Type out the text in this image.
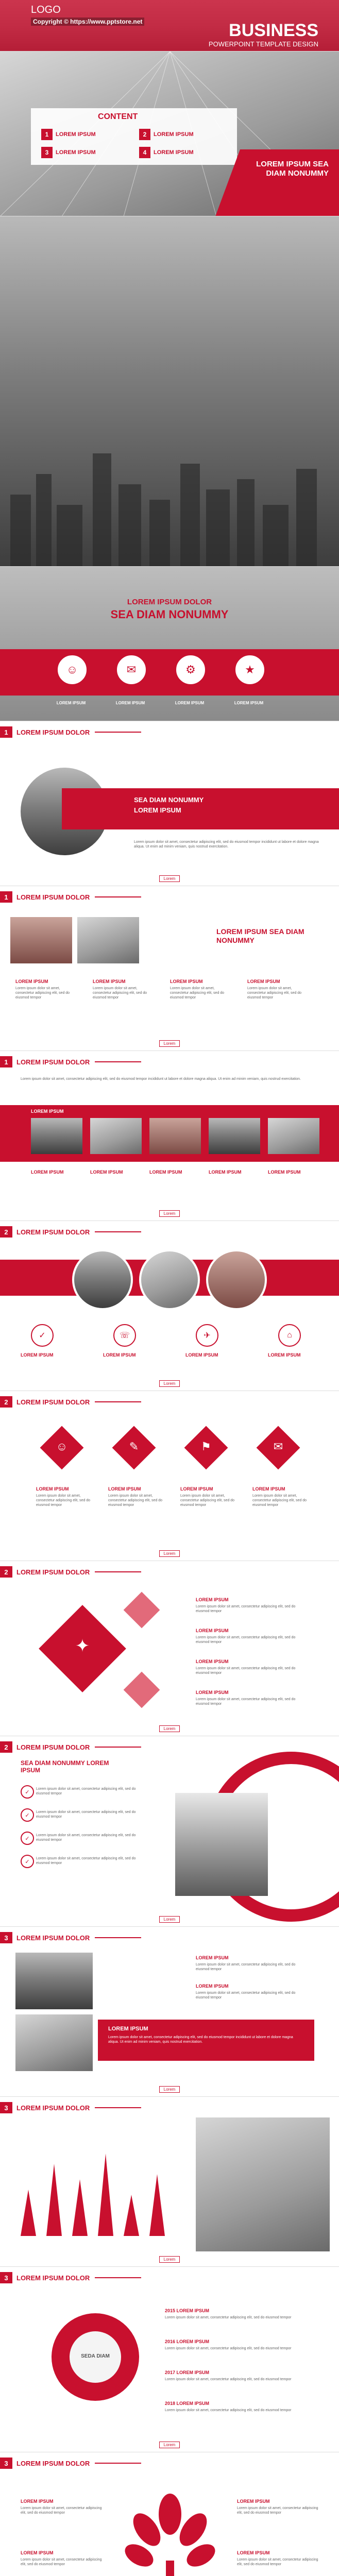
LOGO
Copyright © https://www.pptstore.net	BUSINESS
POWERPOINT TEMPLATE DESIGN
CONTENT
1	LOREM IPSUM	2	LOREM IPSUM
3	LOREM IPSUM	4	LOREM IPSUM
LOREM IPSUM SEA DIAM NONUMMY
LOREM IPSUM DOLOR
SEA DIAM NONUMMY
☺	✉	⚙	★
LOREM IPSUM	LOREM IPSUM	LOREM IPSUM	LOREM IPSUM
1	LOREM IPSUM DOLOR
SEA DIAM NONUMMY
LOREM IPSUM
Lorem ipsum dolor sit amet, consectetur adipiscing elit, sed do eiusmod tempor incididunt ut labore et dolore magna aliqua. Ut enim ad minim veniam, quis nostrud exercitation.
Lorem
1	LOREM IPSUM DOLOR
LOREM IPSUM SEA DIAM NONUMMY
LOREM IPSUM
Lorem ipsum dolor sit amet, consectetur adipiscing elit, sed do eiusmod tempor
LOREM IPSUM
Lorem ipsum dolor sit amet, consectetur adipiscing elit, sed do eiusmod tempor
LOREM IPSUM
Lorem ipsum dolor sit amet, consectetur adipiscing elit, sed do eiusmod tempor
LOREM IPSUM
Lorem ipsum dolor sit amet, consectetur adipiscing elit, sed do eiusmod tempor
Lorem
1	LOREM IPSUM DOLOR
Lorem ipsum dolor sit amet, consectetur adipiscing elit, sed do eiusmod tempor incididunt ut labore et dolore magna aliqua. Ut enim ad minim veniam, quis nostrud exercitation.
LOREM IPSUM
LOREM IPSUM	LOREM IPSUM	LOREM IPSUM	LOREM IPSUM	LOREM IPSUM
Lorem
2	LOREM IPSUM DOLOR
✓	☏	✈	⌂
LOREM IPSUM	LOREM IPSUM	LOREM IPSUM	LOREM IPSUM
Lorem
2	LOREM IPSUM DOLOR
☺	✎	⚑	✉
LOREM IPSUM
Lorem ipsum dolor sit amet, consectetur adipiscing elit, sed do eiusmod tempor
LOREM IPSUM
Lorem ipsum dolor sit amet, consectetur adipiscing elit, sed do eiusmod tempor
LOREM IPSUM
Lorem ipsum dolor sit amet, consectetur adipiscing elit, sed do eiusmod tempor
LOREM IPSUM
Lorem ipsum dolor sit amet, consectetur adipiscing elit, sed do eiusmod tempor
Lorem
2	LOREM IPSUM DOLOR
✦
LOREM IPSUM
Lorem ipsum dolor sit amet, consectetur adipiscing elit, sed do eiusmod tempor
LOREM IPSUM
Lorem ipsum dolor sit amet, consectetur adipiscing elit, sed do eiusmod tempor
LOREM IPSUM
Lorem ipsum dolor sit amet, consectetur adipiscing elit, sed do eiusmod tempor
LOREM IPSUM
Lorem ipsum dolor sit amet, consectetur adipiscing elit, sed do eiusmod tempor
Lorem
2	LOREM IPSUM DOLOR
SEA DIAM NONUMMY LOREM IPSUM
✓	Lorem ipsum dolor sit amet, consectetur adipiscing elit, sed do eiusmod tempor
✓	Lorem ipsum dolor sit amet, consectetur adipiscing elit, sed do eiusmod tempor
✓	Lorem ipsum dolor sit amet, consectetur adipiscing elit, sed do eiusmod tempor
✓	Lorem ipsum dolor sit amet, consectetur adipiscing elit, sed do eiusmod tempor
Lorem
3	LOREM IPSUM DOLOR
LOREM IPSUM
Lorem ipsum dolor sit amet, consectetur adipiscing elit, sed do eiusmod tempor
LOREM IPSUM
Lorem ipsum dolor sit amet, consectetur adipiscing elit, sed do eiusmod tempor
LOREM IPSUM
Lorem ipsum dolor sit amet, consectetur adipiscing elit, sed do eiusmod tempor incididunt ut labore et dolore magna aliqua. Ut enim ad minim veniam, quis nostrud exercitation.
Lorem
3	LOREM IPSUM DOLOR
Lorem
3	LOREM IPSUM DOLOR
SEDA DIAM
2015 LOREM IPSUM
Lorem ipsum dolor sit amet, consectetur adipiscing elit, sed do eiusmod tempor
2016 LOREM IPSUM
Lorem ipsum dolor sit amet, consectetur adipiscing elit, sed do eiusmod tempor
2017 LOREM IPSUM
Lorem ipsum dolor sit amet, consectetur adipiscing elit, sed do eiusmod tempor
2018 LOREM IPSUM
Lorem ipsum dolor sit amet, consectetur adipiscing elit, sed do eiusmod tempor
Lorem
3	LOREM IPSUM DOLOR
LOREM IPSUM
Lorem ipsum dolor sit amet, consectetur adipiscing elit, sed do eiusmod tempor
LOREM IPSUM
Lorem ipsum dolor sit amet, consectetur adipiscing elit, sed do eiusmod tempor
LOREM IPSUM
Lorem ipsum dolor sit amet, consectetur adipiscing elit, sed do eiusmod tempor
LOREM IPSUM
Lorem ipsum dolor sit amet, consectetur adipiscing elit, sed do eiusmod tempor
